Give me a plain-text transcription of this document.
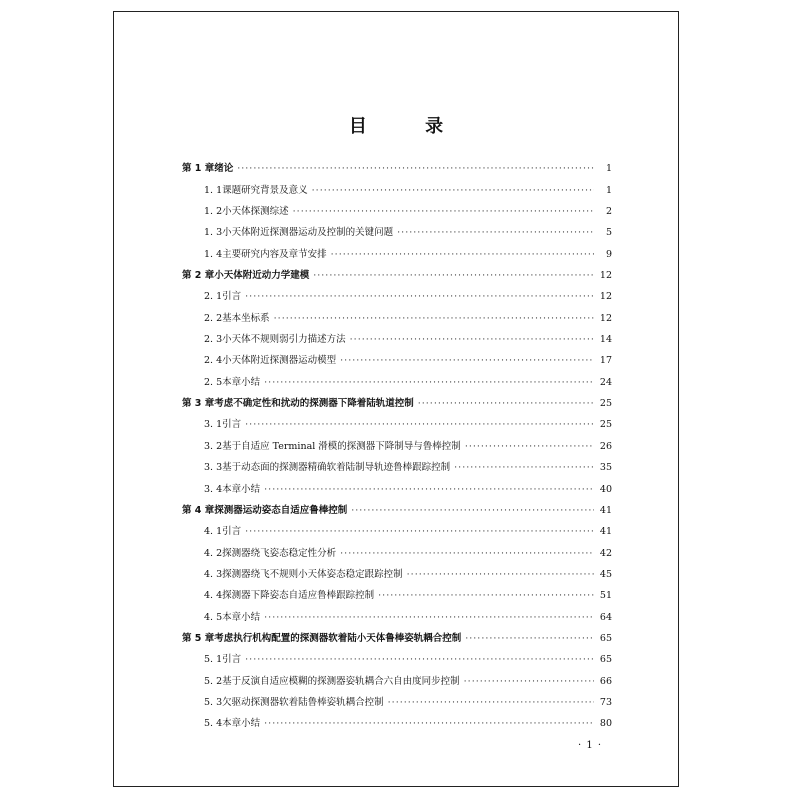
目 录
第 1 章 绪论 ·····	1
1. 1 课题研究背景及意义 ·····	1
1. 2 小天体探测综述 ·····	2
1. 3 小天体附近探测器运动及控制的关键问题 ·····	5
1. 4 主要研究内容及章节安排 ·····	9
第 2 章 小天体附近动力学建模 ·····	12
2. 1 引言 ·····	12
2. 2 基本坐标系 ·····	12
2. 3 小天体不规则弱引力描述方法 ·····	14
2. 4 小天体附近探测器运动模型 ·····	17
2. 5 本章小结 ·····	24
第 3 章 考虑不确定性和扰动的探测器下降着陆轨道控制 ·····	25
3. 1 引言 ·····	25
3. 2 基于自适应 Terminal 滑模的探测器下降制导与鲁棒控制 ·····	26
3. 3 基于动态面的探测器精确软着陆制导轨迹鲁棒跟踪控制 ·····	35
3. 4 本章小结 ·····	40
第 4 章 探测器运动姿态自适应鲁棒控制 ·····	41
4. 1 引言 ·····	41
4. 2 探测器绕飞姿态稳定性分析 ·····	42
4. 3 探测器绕飞不规则小天体姿态稳定跟踪控制 ·····	45
4. 4 探测器下降姿态自适应鲁棒跟踪控制 ·····	51
4. 5 本章小结 ·····	64
第 5 章 考虑执行机构配置的探测器软着陆小天体鲁棒姿轨耦合控制 ·····	65
5. 1 引言 ·····	65
5. 2 基于反演自适应模糊的探测器姿轨耦合六自由度同步控制 ·····	66
5. 3 欠驱动探测器软着陆鲁棒姿轨耦合控制 ·····	73
5. 4 本章小结 ·····	80
· 1 ·
